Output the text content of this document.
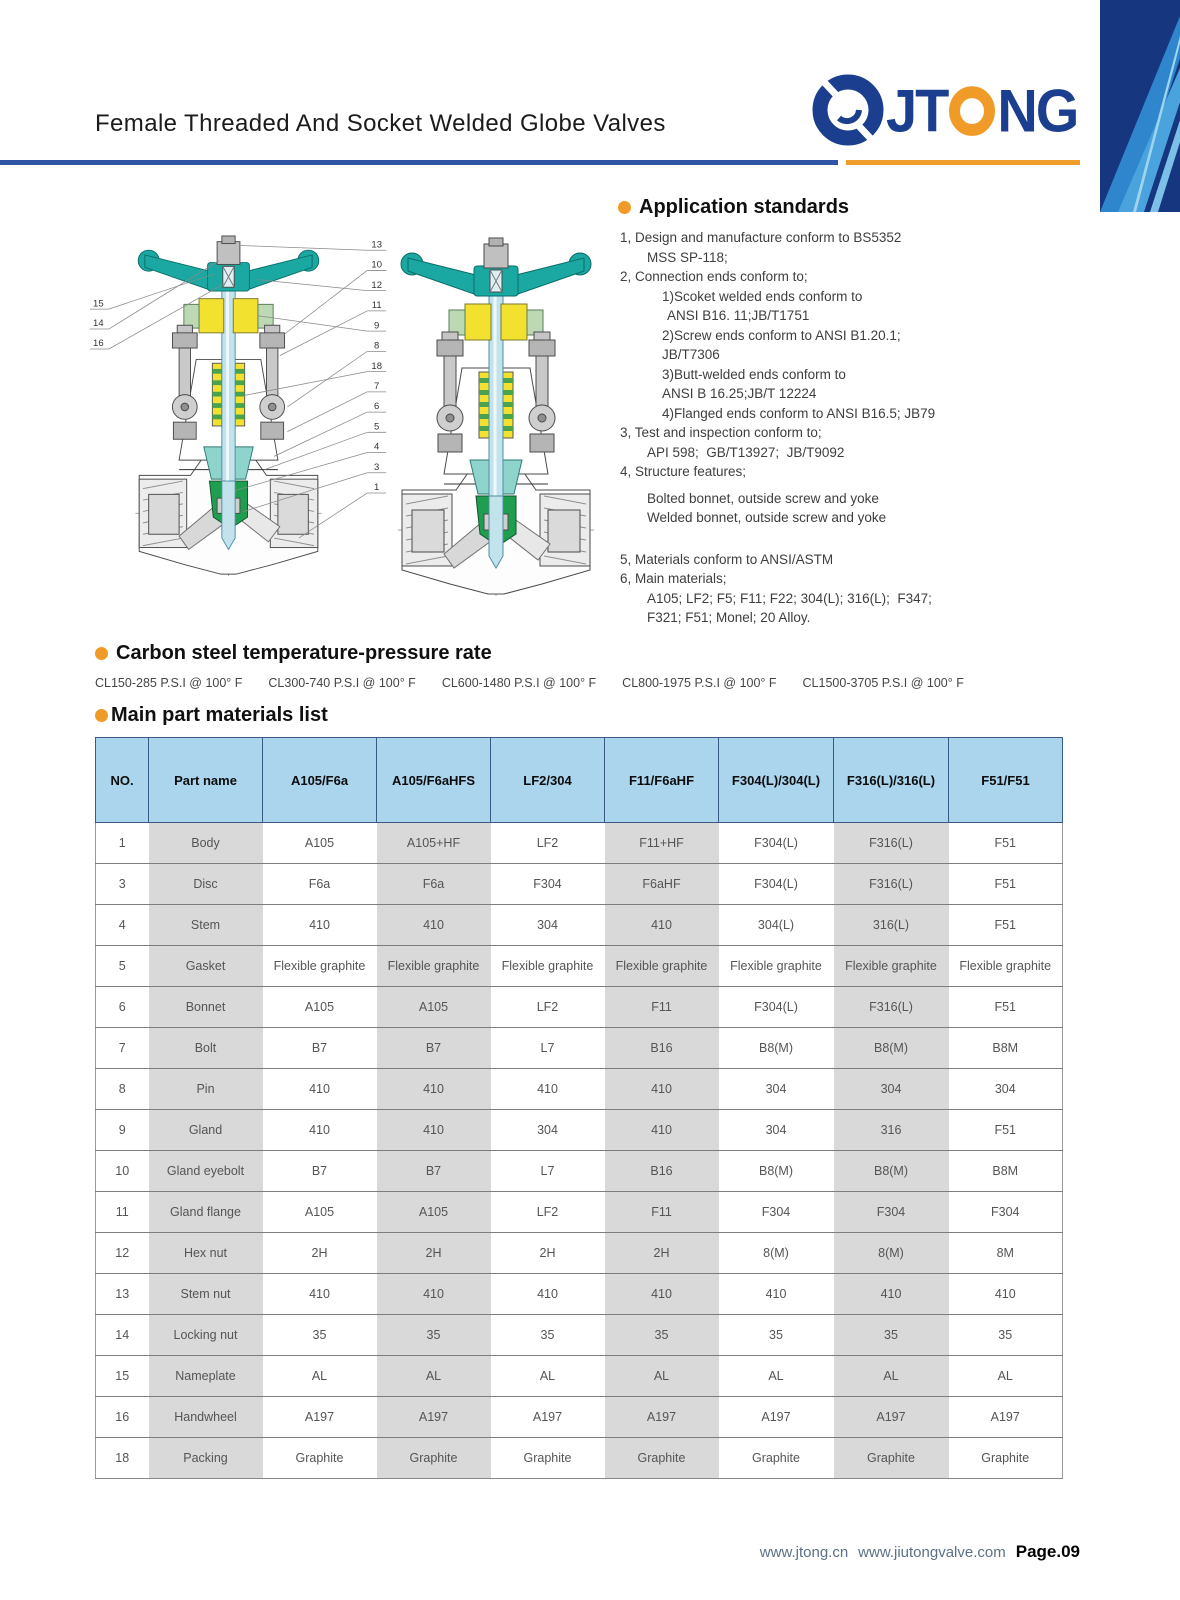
Female Threaded And Socket Welded Globe Valves	JT NG
13
10
12
11
9
8
18
7
6
5
4
3
1
15
14
16
Application standards
1, Design and manufacture conform to BS5352
MSS SP-118;
2, Connection ends conform to;
1)Scoket welded ends conform to
ANSI B16. 11;JB/T1751
2)Screw ends conform to ANSI B1.20.1;
JB/T7306
3)Butt-welded ends conform to
ANSI B 16.25;JB/T 12224
4)Flanged ends conform to ANSI B16.5; JB79
3, Test and inspection conform to;
API 598;  GB/T13927;  JB/T9092
4, Structure features;
Bolted bonnet, outside screw and yoke
Welded bonnet, outside screw and yoke
5, Materials conform to ANSI/ASTM
6, Main materials;
A105; LF2; F5; F11; F22; 304(L); 316(L);  F347;
F321; F51; Monel; 20 Alloy.
Carbon steel temperature-pressure rate
CL150-285 P.S.I @ 100° F CL300-740 P.S.I @ 100° F CL600-1480 P.S.I @ 100° F CL800-1975 P.S.I @ 100° F CL1500-3705 P.S.I @ 100° F
Main part materials list
NO.	Part name	A105/F6a	A105/F6aHFS	LF2/304	F11/F6aHF	F304(L)/304(L)	F316(L)/316(L)	F51/F51
1	Body	A105	A105+HF	LF2	F11+HF	F304(L)	F316(L)	F51
3	Disc	F6a	F6a	F304	F6aHF	F304(L)	F316(L)	F51
4	Stem	410	410	304	410	304(L)	316(L)	F51
5	Gasket	Flexible graphite	Flexible graphite	Flexible graphite	Flexible graphite	Flexible graphite	Flexible graphite	Flexible graphite
6	Bonnet	A105	A105	LF2	F11	F304(L)	F316(L)	F51
7	Bolt	B7	B7	L7	B16	B8(M)	B8(M)	B8M
8	Pin	410	410	410	410	304	304	304
9	Gland	410	410	304	410	304	316	F51
10	Gland eyebolt	B7	B7	L7	B16	B8(M)	B8(M)	B8M
11	Gland flange	A105	A105	LF2	F11	F304	F304	F304
12	Hex nut	2H	2H	2H	2H	8(M)	8(M)	8M
13	Stem nut	410	410	410	410	410	410	410
14	Locking nut	35	35	35	35	35	35	35
15	Nameplate	AL	AL	AL	AL	AL	AL	AL
16	Handwheel	A197	A197	A197	A197	A197	A197	A197
18	Packing	Graphite	Graphite	Graphite	Graphite	Graphite	Graphite	Graphite
www.jtong.cn www.jiutongvalve.com Page.09
